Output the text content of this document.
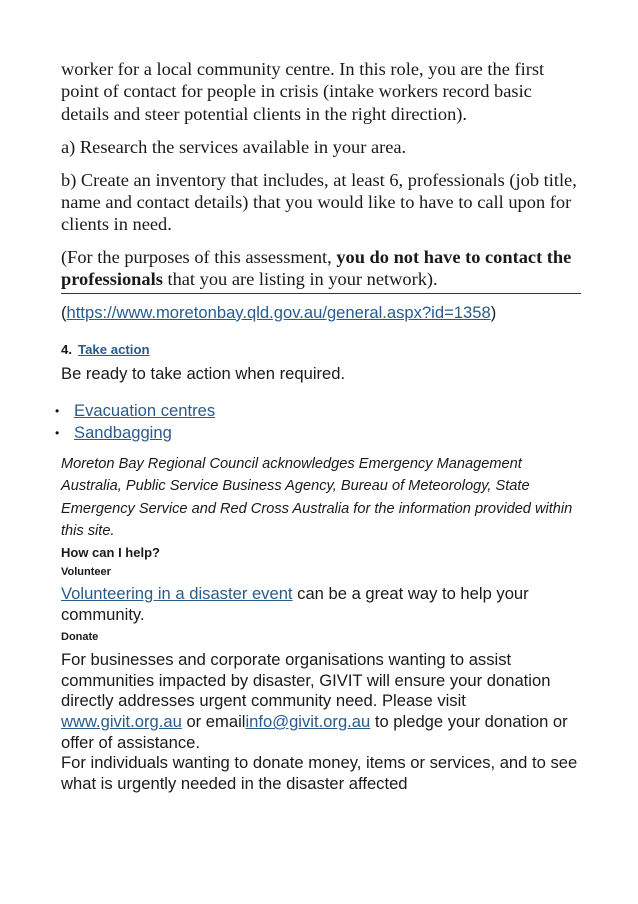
worker for a local community centre. In this role, you are the first point of contact for people in crisis (intake workers record basic details and steer potential clients in the right direction).

a) Research the services available in your area.

b) Create an inventory that includes, at least 6, professionals (job title, name and contact details) that you would like to have to call upon for clients in need.

(For the purposes of this assessment, you do not have to contact the professionals that you are listing in your network).

(https://www.moretonbay.qld.gov.au/general.aspx?id=1358)

4. Take action

Be ready to take action when required.

• Evacuation centres
• Sandbagging

Moreton Bay Regional Council acknowledges Emergency Management Australia, Public Service Business Agency, Bureau of Meteorology, State Emergency Service and Red Cross Australia for the information provided within this site.

How can I help?

Volunteer

Volunteering in a disaster event can be a great way to help your community.

Donate

For businesses and corporate organisations wanting to assist communities impacted by disaster, GIVIT will ensure your donation directly addresses urgent community need. Please visit www.givit.org.au or emailinfo@givit.org.au to pledge your donation or offer of assistance.

For individuals wanting to donate money, items or services, and to see what is urgently needed in the disaster affected
